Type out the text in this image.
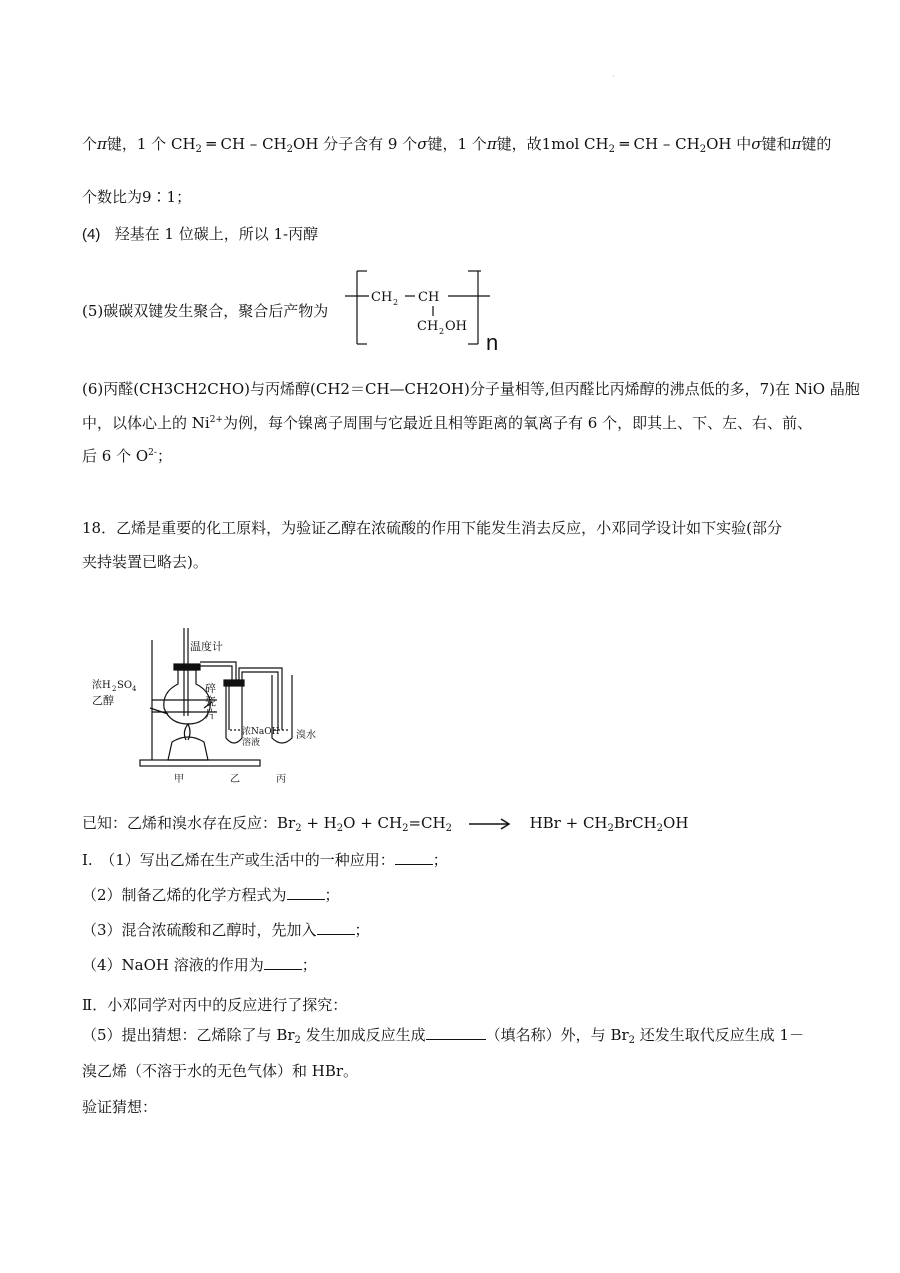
·
个π键，1 个 $CH_2$ ═ CH – $CH_2OH$ 分子含有 9 个σ键，1 个π键，故1mol $CH_2$ ═ CH – $CH_2OH$ 中σ键和π键的
个数比为9∶1；
(4) 羟基在 1 位碳上，所以 1-丙醇
(5)碳碳双键发生聚合，聚合后产物为
CH 2 CH
CH 2 OH
n
(6)丙醛(CH3CH2CHO)与丙烯醇(CH2＝CH—CH2OH)分子量相等,但丙醛比丙烯醇的沸点低的多，7)在 NiO 晶胞
中，以体心上的 $Ni^{2+}$为例，每个镍离子周围与它最近且相等距离的氧离子有 6 个，即其上、下、左、右、前、
后 6 个 $O^{2-}$；
18．乙烯是重要的化工原料，为验证乙醇在浓硫酸的作用下能发生消去反应，小邓同学设计如下实验(部分
夹持装置已略去)。
温度计
浓H 2 SO 4
乙醇
碎
瓷
片
浓NaOH
溶液
溴水
甲	乙	丙
已知：乙烯和溴水存在反应：$Br_2 + H_2O + CH_2=CH_2$ → HBr + $CH_2BrCH_2OH$
I.　（1）写出乙烯在生产或生活中的一种应用：	；
（2）制备乙烯的化学方程式为	；
（3）混合浓硫酸和乙醇时，先加入	；
（4）NaOH 溶液的作用为	；
Ⅱ．小邓同学对丙中的反应进行了探究：
（5）提出猜想：乙烯除了与 $Br_2$ 发生加成反应生成	（填名称）外，与 $Br_2$ 还发生取代反应生成 1－
溴乙烯（不溶于水的无色气体）和 HBr。
验证猜想：
